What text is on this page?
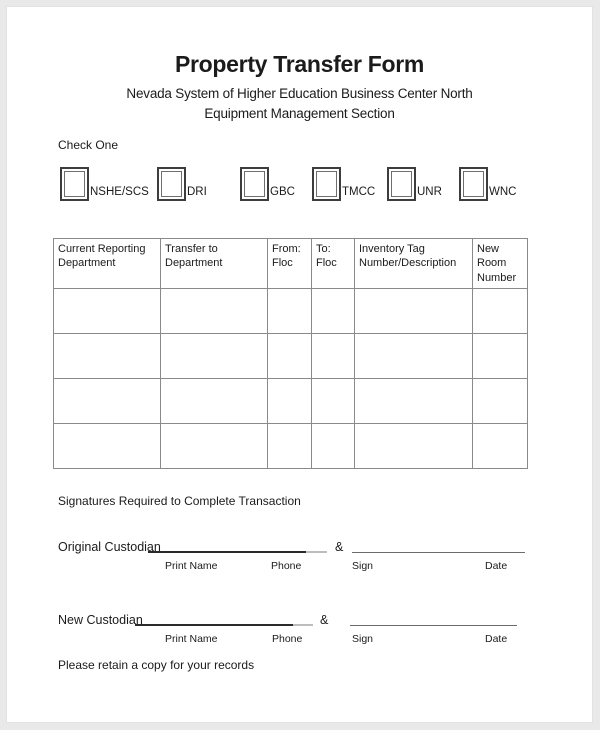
Property Transfer Form
Nevada System of Higher Education Business Center North
Equipment Management Section
Check One
NSHE/SCS	DRI	GBC	TMCC	UNR	WNC
Current Reporting Department	Transfer to Department	From: Floc	To: Floc	Inventory Tag Number/Description	New Room Number

Signatures Required to Complete Transaction
Original Custodian	&
Print Name	Phone	Sign	Date
New Custodian	&
Print Name	Phone	Sign	Date
Please retain a copy for your records
